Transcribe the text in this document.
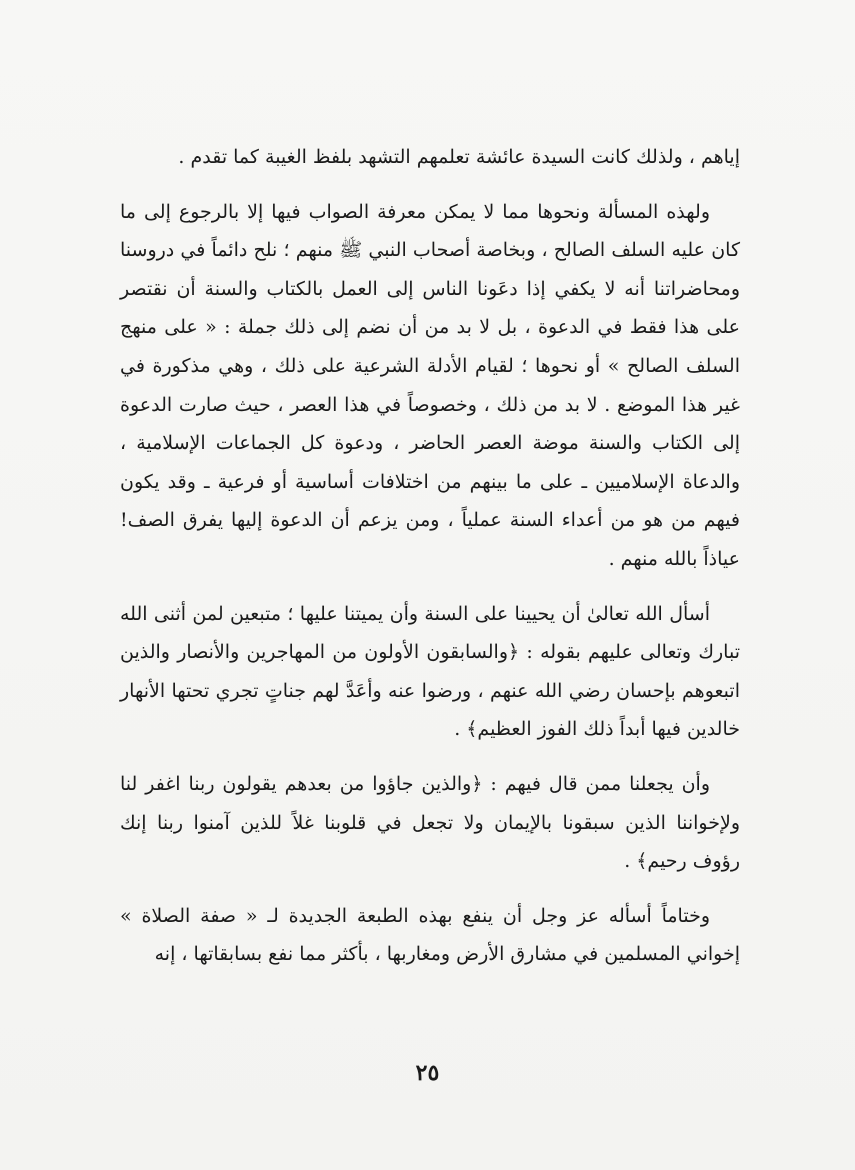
إياهم ، ولذلك كانت السيدة عائشة تعلمهم التشهد بلفظ الغيبة كما تقدم .

ولهذه المسألة ونحوها مما لا يمكن معرفة الصواب فيها إلا بالرجوع إلى ما كان عليه السلف الصالح ، وبخاصة أصحاب النبي ﷺ منهم ؛ نلح دائماً في دروسنا ومحاضراتنا أنه لا يكفي إذا دعَونا الناس إلى العمل بالكتاب والسنة أن نقتصر على هذا فقط في الدعوة ، بل لا بد من أن نضم إلى ذلك جملة : « على منهج السلف الصالح » أو نحوها ؛ لقيام الأدلة الشرعية على ذلك ، وهي مذكورة في غير هذا الموضع . لا بد من ذلك ، وخصوصاً في هذا العصر ، حيث صارت الدعوة إلى الكتاب والسنة موضة العصر الحاضر ، ودعوة كل الجماعات الإسلامية ، والدعاة الإسلاميين ـ على ما بينهم من اختلافات أساسية أو فرعية ـ وقد يكون فيهم من هو من أعداء السنة عملياً ، ومن يزعم أن الدعوة إليها يفرق الصف! عياذاً بالله منهم .

أسأل الله تعالىٰ أن يحيينا على السنة وأن يميتنا عليها ؛ متبعين لمن أثنى الله تبارك وتعالى عليهم بقوله : ﴿والسابقون الأولون من المهاجرين والأنصار والذين اتبعوهم بإحسان رضي الله عنهم ، ورضوا عنه وأعَدَّ لهم جناتٍ تجري تحتها الأنهار خالدين فيها أبداً ذلك الفوز العظيم﴾ .

وأن يجعلنا ممن قال فيهم : ﴿والذين جاؤوا من بعدهم يقولون ربنا اغفر لنا ولإخواننا الذين سبقونا بالإيمان ولا تجعل في قلوبنا غلاً للذين آمنوا ربنا إنك رؤوف رحيم﴾ .

وختاماً أسأله عز وجل أن ينفع بهذه الطبعة الجديدة لـ « صفة الصلاة » إخواني المسلمين في مشارق الأرض ومغاربها ، بأكثر مما نفع بسابقاتها ، إنه

٢٥
